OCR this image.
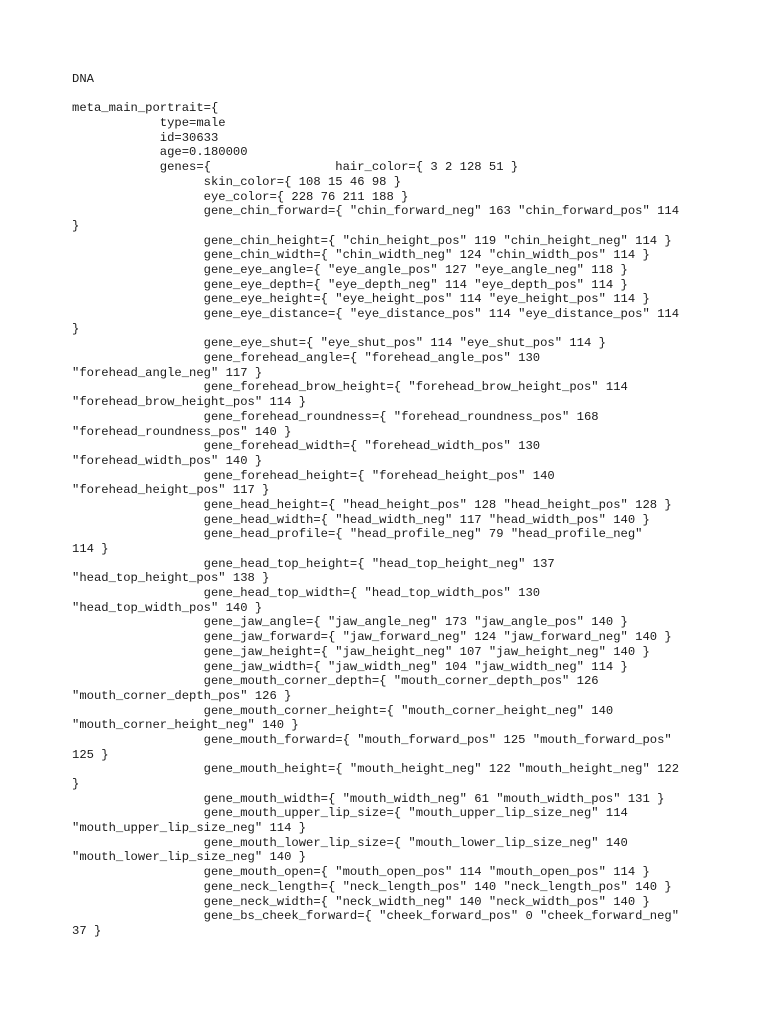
DNA

meta_main_portrait={
type=male
id=30633
age=0.180000
genes={                 hair_color={ 3 2 128 51 }
skin_color={ 108 15 46 98 }
eye_color={ 228 76 211 188 }
gene_chin_forward={ "chin_forward_neg" 163 "chin_forward_pos" 114
}
gene_chin_height={ "chin_height_pos" 119 "chin_height_neg" 114 }
gene_chin_width={ "chin_width_neg" 124 "chin_width_pos" 114 }
gene_eye_angle={ "eye_angle_pos" 127 "eye_angle_neg" 118 }
gene_eye_depth={ "eye_depth_neg" 114 "eye_depth_pos" 114 }
gene_eye_height={ "eye_height_pos" 114 "eye_height_pos" 114 }
gene_eye_distance={ "eye_distance_pos" 114 "eye_distance_pos" 114
}
gene_eye_shut={ "eye_shut_pos" 114 "eye_shut_pos" 114 }
gene_forehead_angle={ "forehead_angle_pos" 130
"forehead_angle_neg" 117 }
gene_forehead_brow_height={ "forehead_brow_height_pos" 114
"forehead_brow_height_pos" 114 }
gene_forehead_roundness={ "forehead_roundness_pos" 168
"forehead_roundness_pos" 140 }
gene_forehead_width={ "forehead_width_pos" 130
"forehead_width_pos" 140 }
gene_forehead_height={ "forehead_height_pos" 140
"forehead_height_pos" 117 }
gene_head_height={ "head_height_pos" 128 "head_height_pos" 128 }
gene_head_width={ "head_width_neg" 117 "head_width_pos" 140 }
gene_head_profile={ "head_profile_neg" 79 "head_profile_neg"
114 }
gene_head_top_height={ "head_top_height_neg" 137
"head_top_height_pos" 138 }
gene_head_top_width={ "head_top_width_pos" 130
"head_top_width_pos" 140 }
gene_jaw_angle={ "jaw_angle_neg" 173 "jaw_angle_pos" 140 }
gene_jaw_forward={ "jaw_forward_neg" 124 "jaw_forward_neg" 140 }
gene_jaw_height={ "jaw_height_neg" 107 "jaw_height_neg" 140 }
gene_jaw_width={ "jaw_width_neg" 104 "jaw_width_neg" 114 }
gene_mouth_corner_depth={ "mouth_corner_depth_pos" 126
"mouth_corner_depth_pos" 126 }
gene_mouth_corner_height={ "mouth_corner_height_neg" 140
"mouth_corner_height_neg" 140 }
gene_mouth_forward={ "mouth_forward_pos" 125 "mouth_forward_pos"
125 }
gene_mouth_height={ "mouth_height_neg" 122 "mouth_height_neg" 122
}
gene_mouth_width={ "mouth_width_neg" 61 "mouth_width_pos" 131 }
gene_mouth_upper_lip_size={ "mouth_upper_lip_size_neg" 114
"mouth_upper_lip_size_neg" 114 }
gene_mouth_lower_lip_size={ "mouth_lower_lip_size_neg" 140
"mouth_lower_lip_size_neg" 140 }
gene_mouth_open={ "mouth_open_pos" 114 "mouth_open_pos" 114 }
gene_neck_length={ "neck_length_pos" 140 "neck_length_pos" 140 }
gene_neck_width={ "neck_width_neg" 140 "neck_width_pos" 140 }
gene_bs_cheek_forward={ "cheek_forward_pos" 0 "cheek_forward_neg"
37 }
